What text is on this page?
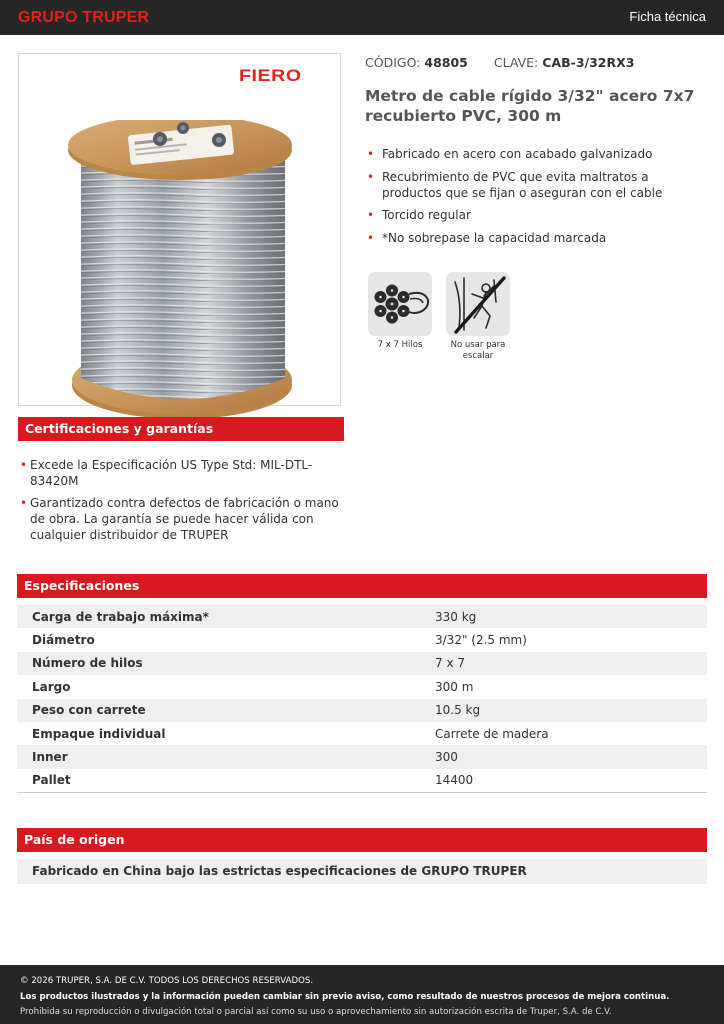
GRUPO TRUPER	Ficha técnica
FIERO
CÓDIGO: 48805 CLAVE: CAB-3/32RX3
Metro de cable rígido 3/32" acero 7x7 recubierto PVC, 300 m
• Fabricado en acero con acabado galvanizado
• Recubrimiento de PVC que evita maltratos a productos que se fijan o aseguran con el cable
• Torcido regular
• *No sobrepase la capacidad marcada
7 x 7 Hilos	No usar para escalar
Certificaciones y garantías
• Excede la Especificación US Type Std: MIL-DTL-83420M
• Garantizado contra defectos de fabricación o mano de obra. La garantía se puede hacer válida con cualquier distribuidor de TRUPER
Especificaciones
Carga de trabajo máxima*	330 kg
Diámetro	3/32" (2.5 mm)
Número de hilos	7 x 7
Largo	300 m
Peso con carrete	10.5 kg
Empaque individual	Carrete de madera
Inner	300
Pallet	14400
País de origen
Fabricado en China bajo las estrictas especificaciones de GRUPO TRUPER

© 2026 TRUPER, S.A. DE C.V. TODOS LOS DERECHOS RESERVADOS.

Los productos ilustrados y la información pueden cambiar sin previo aviso, como resultado de nuestros procesos de mejora continua.

Prohibida su reproducción o divulgación total o parcial así como su uso o aprovechamiento sin autorización escrita de Truper, S.A. de C.V.
